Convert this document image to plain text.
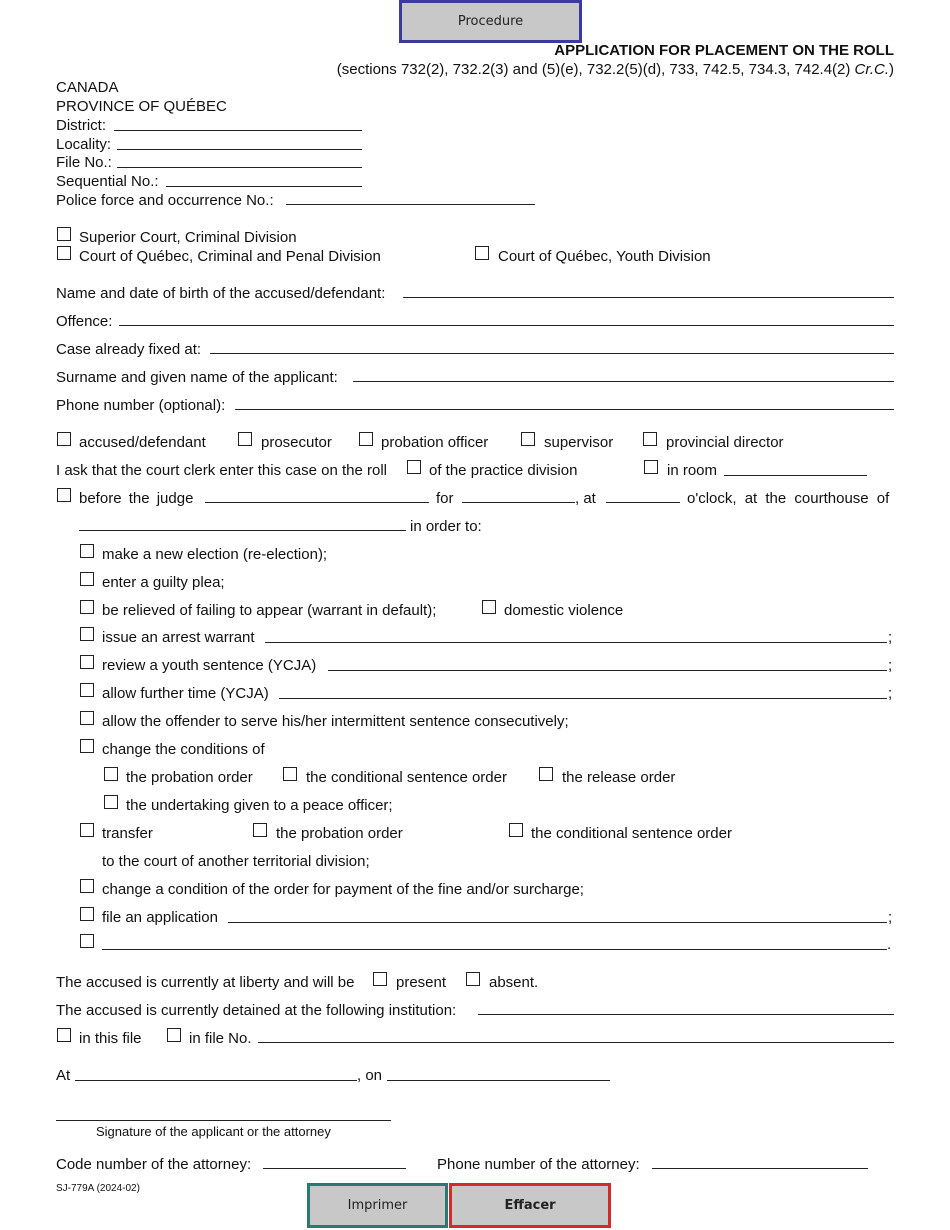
Procedure
APPLICATION FOR PLACEMENT ON THE ROLL
(sections 732(2), 732.2(3) and (5)(e), 732.2(5)(d), 733, 742.5, 734.3, 742.4(2) Cr.C.)
CANADA
PROVINCE OF QUÉBEC
District:
Locality:
File No.:
Sequential No.:
Police force and occurrence No.:
Superior Court, Criminal Division
Court of Québec, Criminal and Penal Division	Court of Québec, Youth Division
Name and date of birth of the accused/defendant:
Offence:
Case already fixed at:
Surname and given name of the applicant:
Phone number (optional):
accused/defendant	prosecutor	probation officer	supervisor	provincial director
I ask that the court clerk enter this case on the roll	of the practice division	in room
before the judge	for	, at	o'clock, at the courthouse of
in order to:
make a new election (re-election);
enter a guilty plea;
be relieved of failing to appear (warrant in default);	domestic violence
issue an arrest warrant	;
review a youth sentence (YCJA)	;
allow further time (YCJA)	;
allow the offender to serve his/her intermittent sentence consecutively;
change the conditions of
the probation order	the conditional sentence order	the release order
the undertaking given to a peace officer;
transfer	the probation order	the conditional sentence order
to the court of another territorial division;
change a condition of the order for payment of the fine and/or surcharge;
file an application	;
.
The accused is currently at liberty and will be	present	absent.
The accused is currently detained at the following institution:
in this file	in file No.
At	, on
Signature of the applicant or the attorney
Code number of the attorney:	Phone number of the attorney:
SJ-779A (2024-02)
Imprimer	Effacer
